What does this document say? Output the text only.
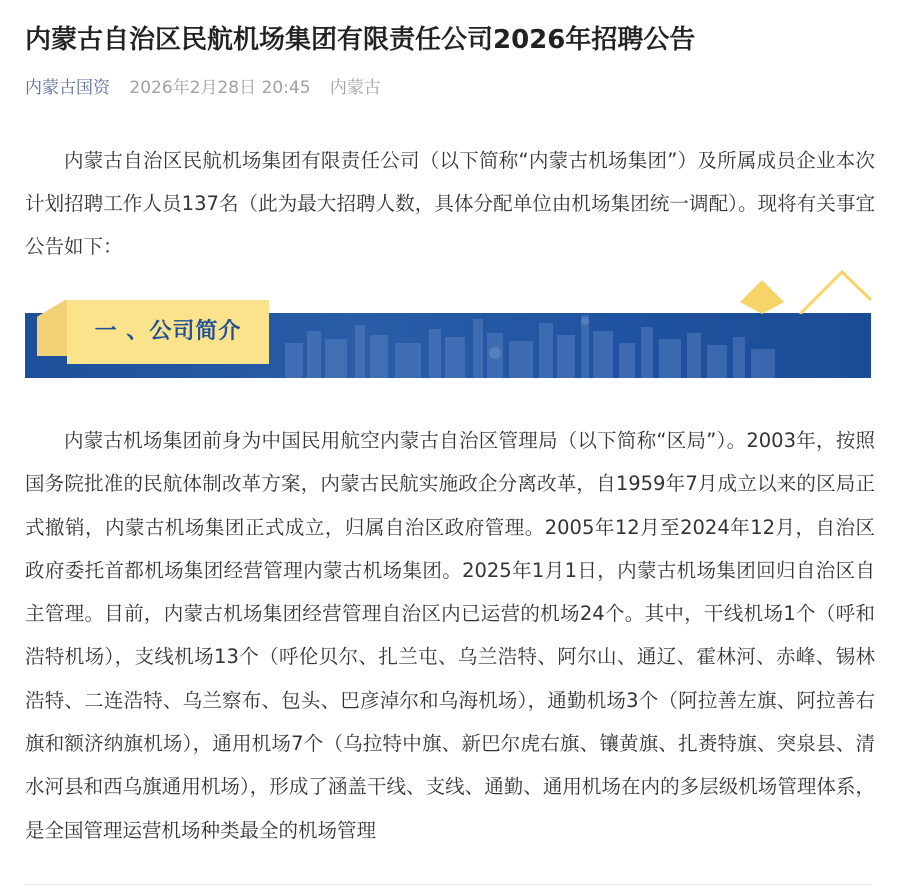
内蒙古自治区民航机场集团有限责任公司2026年招聘公告
内蒙古国资 2026年2月28日 20:45 内蒙古

内蒙古自治区民航机场集团有限责任公司（以下简称“内蒙古机场集团”）及所属成员企业本次计划招聘工作人员137名（此为最大招聘人数，具体分配单位由机场集团统一调配）。现将有关事宜公告如下：

一 、公司简介

内蒙古机场集团前身为中国民用航空内蒙古自治区管理局（以下简称“区局”）。2003年，按照国务院批准的民航体制改革方案，内蒙古民航实施政企分离改革，自1959年7月成立以来的区局正式撤销，内蒙古机场集团正式成立，归属自治区政府管理。2005年12月至2024年12月，自治区政府委托首都机场集团经营管理内蒙古机场集团。2025年1月1日，内蒙古机场集团回归自治区自主管理。目前，内蒙古机场集团经营管理自治区内已运营的机场24个。其中，干线机场1个（呼和浩特机场），支线机场13个（呼伦贝尔、扎兰屯、乌兰浩特、阿尔山、通辽、霍林河、赤峰、锡林浩特、二连浩特、乌兰察布、包头、巴彦淖尔和乌海机场），通勤机场3个（阿拉善左旗、阿拉善右旗和额济纳旗机场），通用机场7个（乌拉特中旗、新巴尔虎右旗、镶黄旗、扎赉特旗、突泉县、清水河县和西乌旗通用机场），形成了涵盖干线、支线、通勤、通用机场在内的多层级机场管理体系，是全国管理运营机场种类最全的机场管理
